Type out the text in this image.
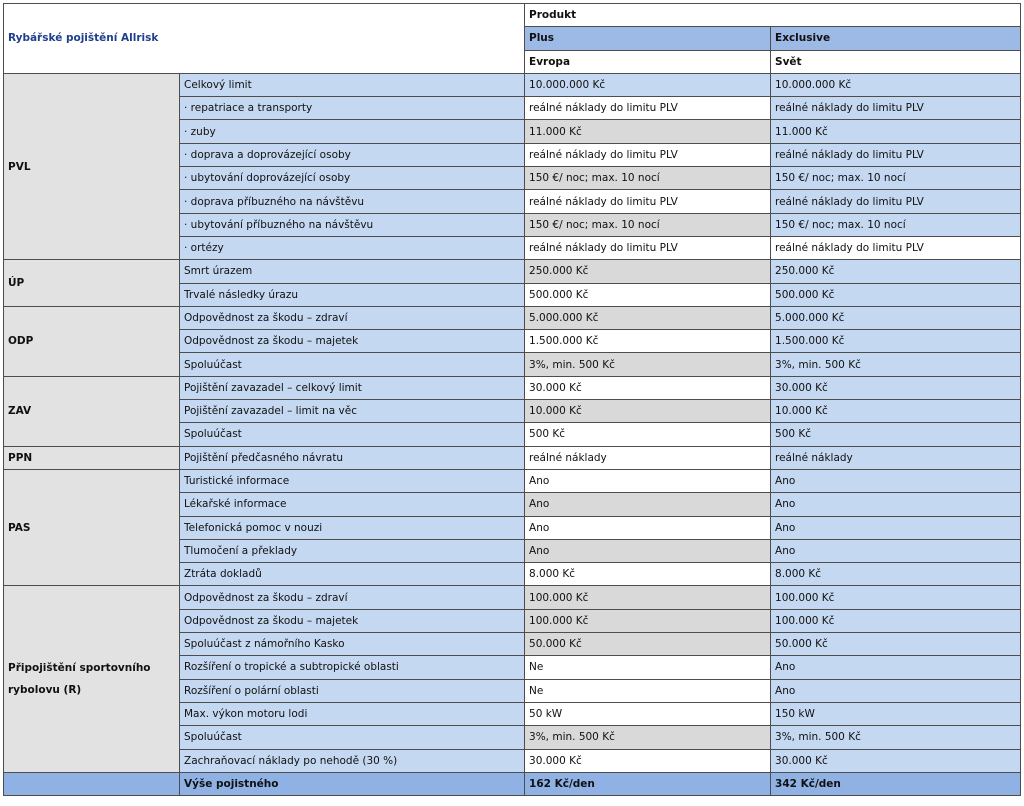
Rybářské pojištění Allrisk		Produkt	
		Plus	Exclusive
		Evropa	Svět
PVL	Celkový limit	10.000.000 Kč	10.000.000 Kč
	· repatriace a transporty	reálné náklady do limitu PLV	reálné náklady do limitu PLV
	· zuby	11.000 Kč	11.000 Kč
	· doprava a doprovázející osoby	reálné náklady do limitu PLV	reálné náklady do limitu PLV
	· ubytování doprovázející osoby	150 €/ noc; max. 10 nocí	150 €/ noc; max. 10 nocí
	· doprava příbuzného na návštěvu	reálné náklady do limitu PLV	reálné náklady do limitu PLV
	· ubytování příbuzného na návštěvu	150 €/ noc; max. 10 nocí	150 €/ noc; max. 10 nocí
	· ortézy	reálné náklady do limitu PLV	reálné náklady do limitu PLV
ÚP	Smrt úrazem	250.000 Kč	250.000 Kč
	Trvalé následky úrazu	500.000 Kč	500.000 Kč
ODP	Odpovědnost za škodu – zdraví	5.000.000 Kč	5.000.000 Kč
	Odpovědnost za škodu – majetek	1.500.000 Kč	1.500.000 Kč
	Spoluúčast	3%, min. 500 Kč	3%, min. 500 Kč
ZAV	Pojištění zavazadel – celkový limit	30.000 Kč	30.000 Kč
	Pojištění zavazadel – limit na věc	10.000 Kč	10.000 Kč
	Spoluúčast	500 Kč	500 Kč
PPN	Pojištění předčasného návratu	reálné náklady	reálné náklady
PAS	Turistické informace	Ano	Ano
	Lékařské informace	Ano	Ano
	Telefonická pomoc v nouzi	Ano	Ano
	Tlumočení a překlady	Ano	Ano
	Ztráta dokladů	8.000 Kč	8.000 Kč
Připojištění sportovního rybolovu (R)	Odpovědnost za škodu – zdraví	100.000 Kč	100.000 Kč
	Odpovědnost za škodu – majetek	100.000 Kč	100.000 Kč
	Spoluúčast z námořního Kasko	50.000 Kč	50.000 Kč
	Rozšíření o tropické a subtropické oblasti	Ne	Ano
	Rozšíření o polární oblasti	Ne	Ano
	Max. výkon motoru lodi	50 kW	150 kW
	Spoluúčast	3%, min. 500 Kč	3%, min. 500 Kč
	Zachraňovací náklady po nehodě (30 %)	30.000 Kč	30.000 Kč
	Výše pojistného	162 Kč/den	342 Kč/den
